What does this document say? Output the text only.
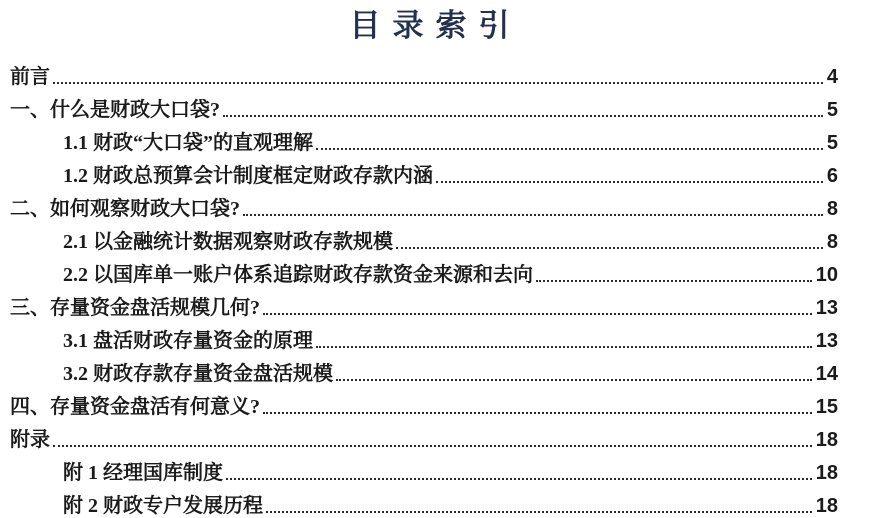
目录索引
前言	4
一、什么是财政大口袋?	5
1.1 财政“大口袋”的直观理解	5
1.2 财政总预算会计制度框定财政存款内涵	6
二、如何观察财政大口袋?	8
2.1 以金融统计数据观察财政存款规模	8
2.2 以国库单一账户体系追踪财政存款资金来源和去向	10
三、存量资金盘活规模几何?	13
3.1 盘活财政存量资金的原理	13
3.2 财政存款存量资金盘活规模	14
四、存量资金盘活有何意义?	15
附录	18
附 1 经理国库制度	18
附 2 财政专户发展历程	18
